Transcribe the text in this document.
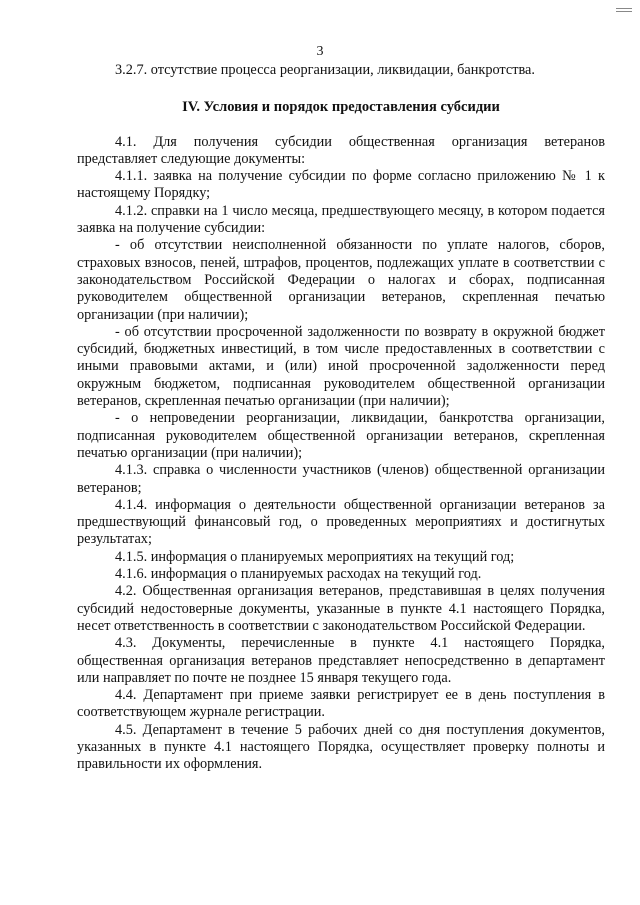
3

3.2.7. отсутствие процесса реорганизации, ликвидации, банкротства.

IV. Условия и порядок предоставления субсидии

4.1. Для получения субсидии общественная организация ветеранов представляет следующие документы:

4.1.1. заявка на получение субсидии по форме согласно приложению № 1 к настоящему Порядку;

4.1.2. справки на 1 число месяца, предшествующего месяцу, в котором подается заявка на получение субсидии:

- об отсутствии неисполненной обязанности по уплате налогов, сборов, страховых взносов, пеней, штрафов, процентов, подлежащих уплате в соответствии с законодательством Российской Федерации о налогах и сборах, подписанная руководителем общественной организации ветеранов, скрепленная печатью организации (при наличии);

- об отсутствии просроченной задолженности по возврату в окружной бюджет субсидий, бюджетных инвестиций, в том числе предоставленных в соответствии с иными правовыми актами, и (или) иной просроченной задолженности перед окружным бюджетом, подписанная руководителем общественной организации ветеранов, скрепленная печатью организации (при наличии);

- о непроведении реорганизации, ликвидации, банкротства организации, подписанная руководителем общественной организации ветеранов, скрепленная печатью организации (при наличии);

4.1.3. справка о численности участников (членов) общественной организации ветеранов;

4.1.4. информация о деятельности общественной организации ветеранов за предшествующий финансовый год, о проведенных мероприятиях и достигнутых результатах;

4.1.5. информация о планируемых мероприятиях на текущий год;

4.1.6. информация о планируемых расходах на текущий год.

4.2. Общественная организация ветеранов, представившая в целях получения субсидий недостоверные документы, указанные в пункте 4.1 настоящего Порядка, несет ответственность в соответствии с законодательством Российской Федерации.

4.3. Документы, перечисленные в пункте 4.1 настоящего Порядка, общественная организация ветеранов представляет непосредственно в департамент или направляет по почте не позднее 15 января текущего года.

4.4. Департамент при приеме заявки регистрирует ее в день поступления в соответствующем журнале регистрации.

4.5. Департамент в течение 5 рабочих дней со дня поступления документов, указанных в пункте 4.1 настоящего Порядка, осуществляет проверку полноты и правильности их оформления.
